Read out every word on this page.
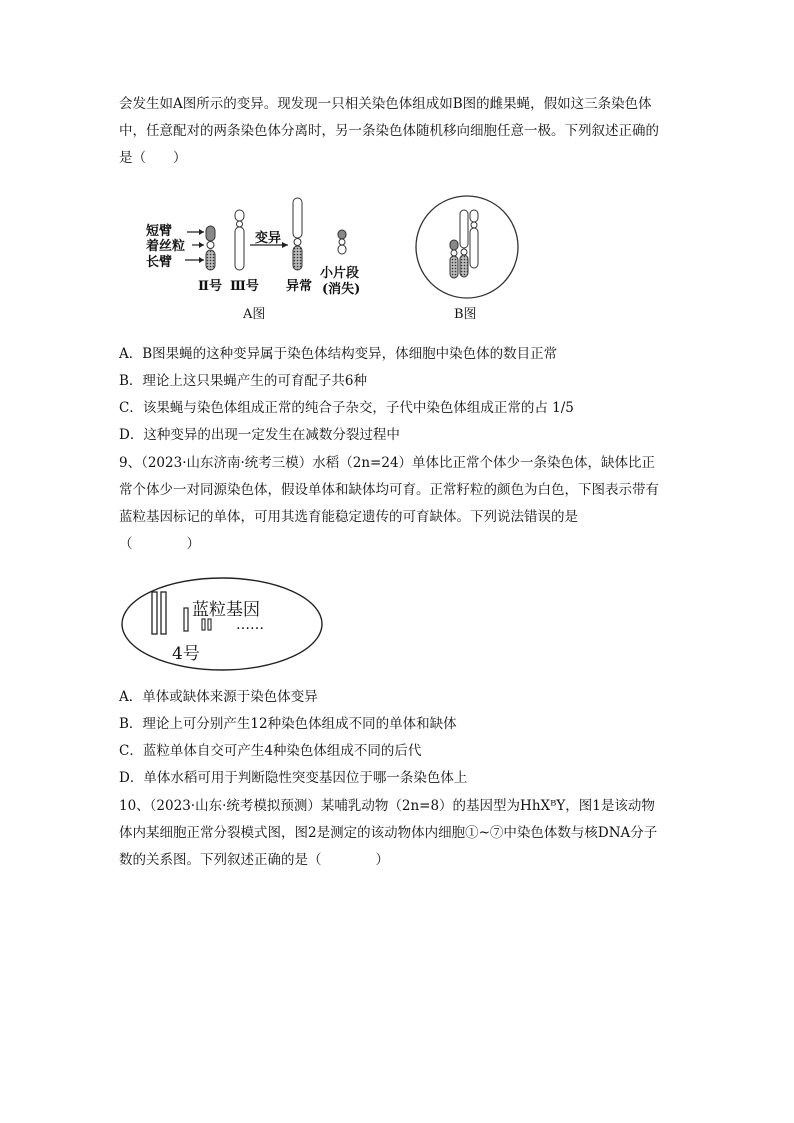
会发生如A图所示的变异。现发现一只相关染色体组成如B图的雌果蝇，假如这三条染色体
中，任意配对的两条染色体分离时，另一条染色体随机移向细胞任意一极。下列叙述正确的
是（　　）
短臂
着丝粒
长臂
Ⅱ号 Ⅲ号
变异
异常
小片段
(消失)
A图	B图
A．B图果蝇的这种变异属于染色体结构变异，体细胞中染色体的数目正常
B．理论上这只果蝇产生的可育配子共6种
C．该果蝇与染色体组成正常的纯合子杂交，子代中染色体组成正常的占 1/5
D．这种变异的出现一定发生在减数分裂过程中
9、（2023·山东济南·统考三模）水稻（2n=24）单体比正常个体少一条染色体，缺体比正
常个体少一对同源染色体，假设单体和缺体均可育。正常籽粒的颜色为白色，下图表示带有
蓝粒基因标记的单体，可用其选育能稳定遗传的可育缺体。下列说法错误的是
（　　　　）
蓝粒基因
……
4号
A．单体或缺体来源于染色体变异
B．理论上可分别产生12种染色体组成不同的单体和缺体
C．蓝粒单体自交可产生4种染色体组成不同的后代
D．单体水稻可用于判断隐性突变基因位于哪一条染色体上
10、（2023·山东·统考模拟预测）某哺乳动物（2n=8）的基因型为HhXᴮY，图1是该动物
体内某细胞正常分裂模式图，图2是测定的该动物体内细胞①~⑦中染色体数与核DNA分子
数的关系图。下列叙述正确的是（　　　　）
